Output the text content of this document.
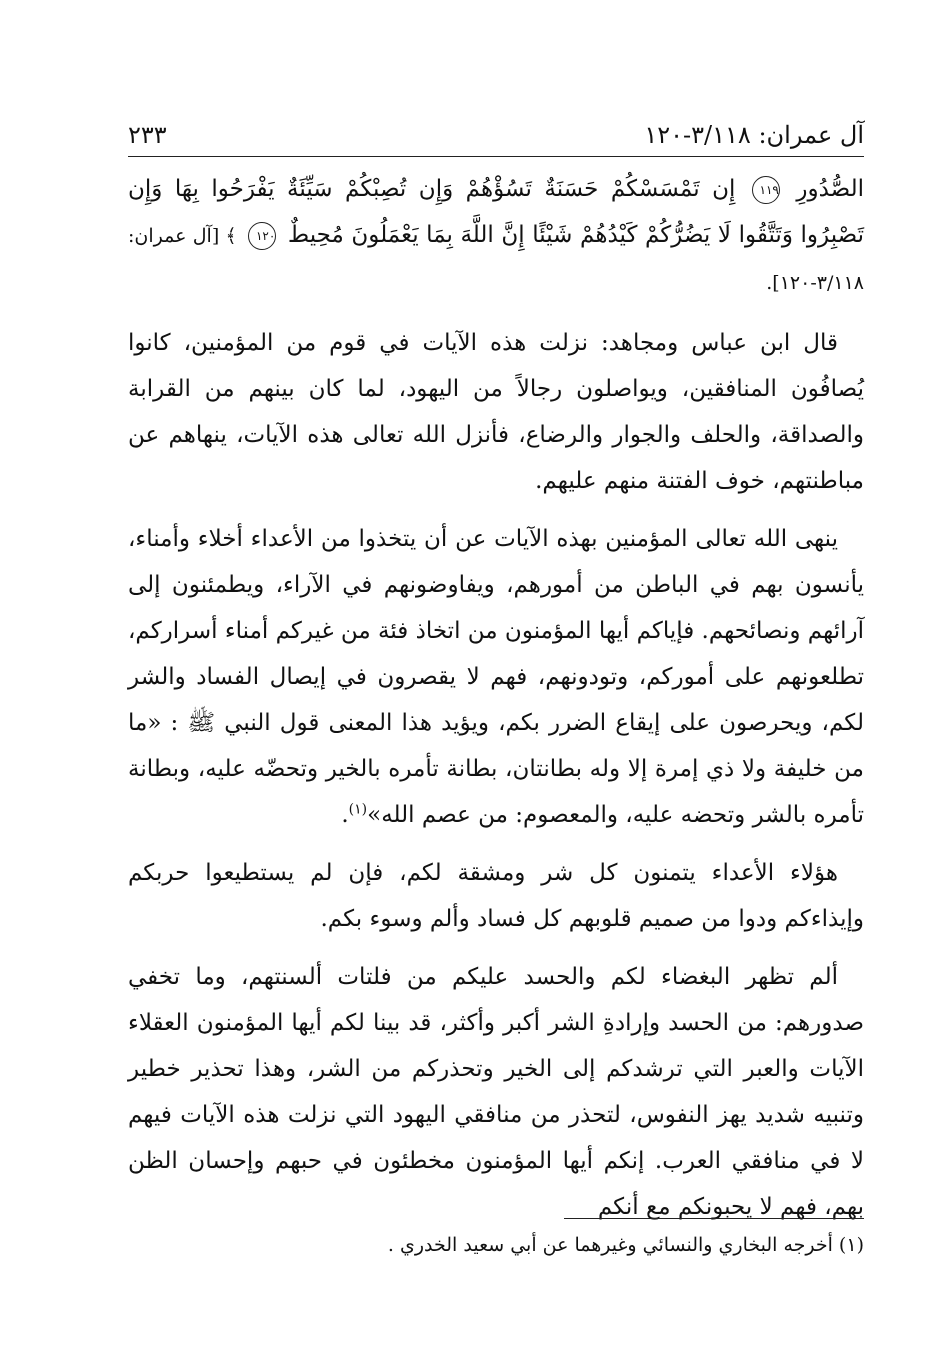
٢٣٣	آل عمران: ٣/١١٨-١٢٠

الصُّدُورِ ١١٩ إِن تَمْسَسْكُمْ حَسَنَةٌ تَسُؤْهُمْ وَإِن تُصِبْكُمْ سَيِّئَةٌ يَفْرَحُوا بِهَا وَإِن تَصْبِرُوا وَتَتَّقُوا لَا يَضُرُّكُمْ كَيْدُهُمْ شَيْئًا إِنَّ اللَّهَ بِمَا يَعْمَلُونَ مُحِيطٌ ١٢٠ ﴾ [آل عمران: ٣/١١٨-١٢٠].

قال ابن عباس ومجاهد: نزلت هذه الآيات في قوم من المؤمنين، كانوا يُصافُون المنافقين، ويواصلون رجالاً من اليهود، لما كان بينهم من القرابة والصداقة، والحلف والجوار والرضاع، فأنزل الله تعالى هذه الآيات، ينهاهم عن مباطنتهم، خوف الفتنة منهم عليهم.

ينهى الله تعالى المؤمنين بهذه الآيات عن أن يتخذوا من الأعداء أخلاء وأمناء، يأنسون بهم في الباطن من أمورهم، ويفاوضونهم في الآراء، ويطمئنون إلى آرائهم ونصائحهم. فإياكم أيها المؤمنون من اتخاذ فئة من غيركم أمناء أسراركم، تطلعونهم على أموركم، وتودونهم، فهم لا يقصرون في إيصال الفساد والشر لكم، ويحرصون على إيقاع الضرر بكم، ويؤيد هذا المعنى قول النبي ﷺ : «ما من خليفة ولا ذي إمرة إلا وله بطانتان، بطانة تأمره بالخير وتحضّه عليه، وبطانة تأمره بالشر وتحضه عليه، والمعصوم: من عصم الله»$^{(١)}$.

هؤلاء الأعداء يتمنون كل شر ومشقة لكم، فإن لم يستطيعوا حربكم وإيذاءكم ودوا من صميم قلوبهم كل فساد وألم وسوء بكم.

ألم تظهر البغضاء لكم والحسد عليكم من فلتات ألسنتهم، وما تخفي صدورهم: من الحسد وإرادةِ الشر أكبر وأكثر، قد بينا لكم أيها المؤمنون العقلاء الآيات والعبر التي ترشدكم إلى الخير وتحذركم من الشر، وهذا تحذير خطير وتنبيه شديد يهز النفوس، لتحذر من منافقي اليهود التي نزلت هذه الآيات فيهم لا في منافقي العرب. إنكم أيها المؤمنون مخطئون في حبهم وإحسان الظن بهم، فهم لا يحبونكم مع أنكم

(١) أخرجه البخاري والنسائي وغيرهما عن أبي سعيد الخدري .
